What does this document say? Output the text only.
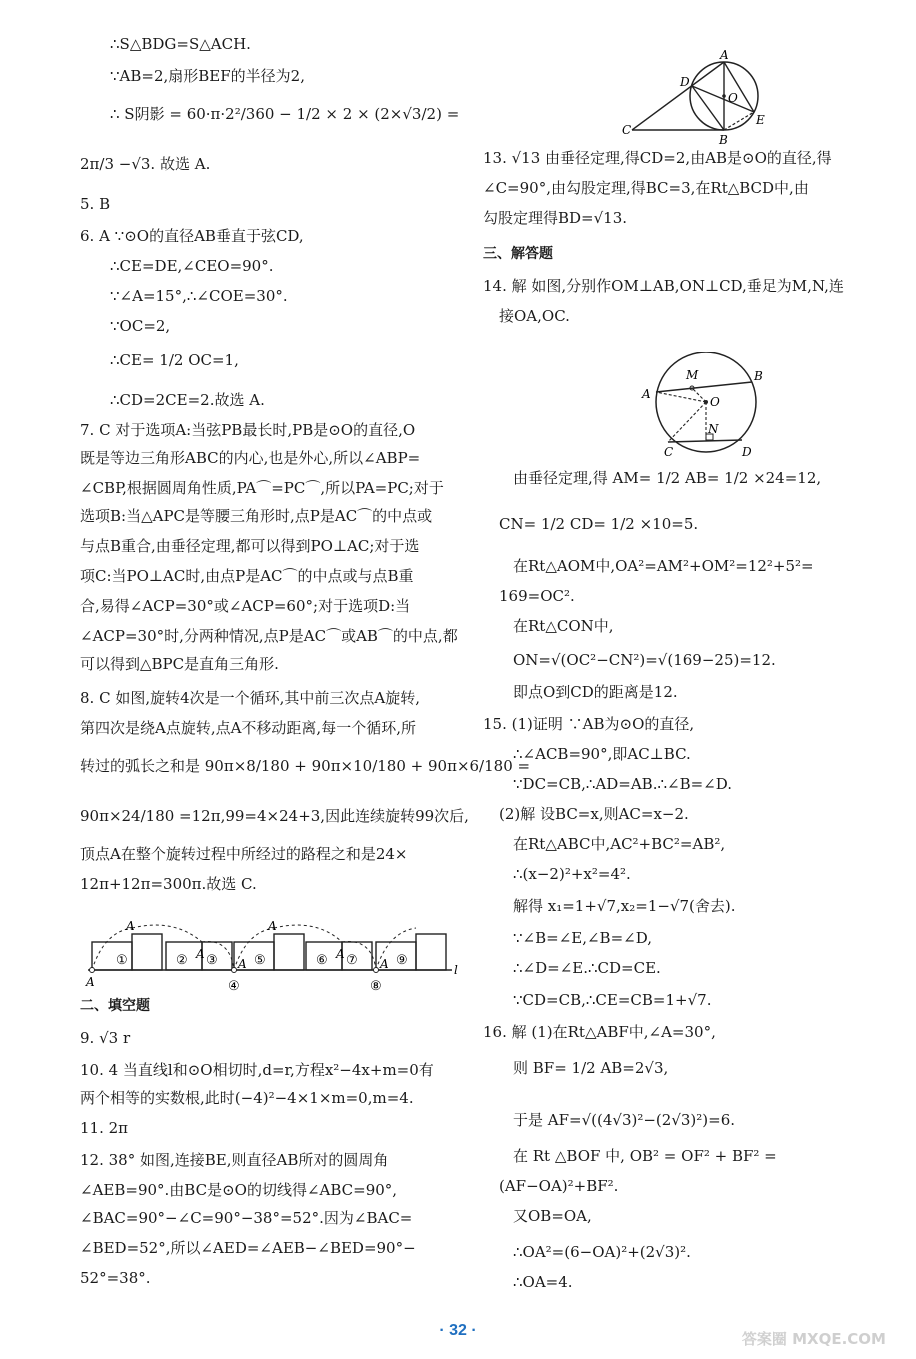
∴S△BDG=S△ACH.
∵AB=2,扇形BEF的半径为2,
∴ S阴影 = 60·π·2²/360 − 1/2 × 2 × (2×√3/2) =
2π/3 −√3. 故选 A.
5. B
6. A ∵⊙O的直径AB垂直于弦CD,
∴CE=DE,∠CEO=90°.
∵∠A=15°,∴∠COE=30°.
∵OC=2,
∴CE= 1/2 OC=1,
∴CD=2CE=2.故选 A.
7. C 对于选项A:当弦PB最长时,PB是⊙O的直径,O
既是等边三角形ABC的内心,也是外心,所以∠ABP=
∠CBP,根据圆周角性质,PA⌒=PC⌒,所以PA=PC;对于
选项B:当△APC是等腰三角形时,点P是AC⌒的中点或
与点B重合,由垂径定理,都可以得到PO⊥AC;对于选
项C:当PO⊥AC时,由点P是AC⌒的中点或与点B重
合,易得∠ACP=30°或∠ACP=60°;对于选项D:当
∠ACP=30°时,分两种情况,点P是AC⌒或AB⌒的中点,都
可以得到△BPC是直角三角形.
8. C 如图,旋转4次是一个循环,其中前三次点A旋转,
第四次是绕A点旋转,点A不移动距离,每一个循环,所
转过的弧长之和是 90π×8/180 + 90π×10/180 + 90π×6/180 =
90π×24/180 =12π,99=4×24+3,因此连续旋转99次后,
顶点A在整个旋转过程中所经过的路程之和是24×
12π+12π=300π.故选 C.
二、填空题
9. √3 r
10. 4 当直线l和⊙O相切时,d=r,方程x²−4x+m=0有
两个相等的实数根,此时(−4)²−4×1×m=0,m=4.
11. 2π
12. 38° 如图,连接BE,则直径AB所对的圆周角
∠AEB=90°.由BC是⊙O的切线得∠ABC=90°,
∠BAC=90°−∠C=90°−38°=52°.因为∠BAC=
∠BED=52°,所以∠AED=∠AEB−∠BED=90°−
52°=38°.
13. √13 由垂径定理,得CD=2,由AB是⊙O的直径,得
∠C=90°,由勾股定理,得BC=3,在Rt△BCD中,由
勾股定理得BD=√13.
三、解答题
14. 解 如图,分别作OM⊥AB,ON⊥CD,垂足为M,N,连
接OA,OC.
由垂径定理,得 AM= 1/2 AB= 1/2 ×24=12,
CN= 1/2 CD= 1/2 ×10=5.
在Rt△AOM中,OA²=AM²+OM²=12²+5²=
169=OC².
在Rt△CON中,
ON=√(OC²−CN²)=√(169−25)=12.
即点O到CD的距离是12.
15. (1)证明 ∵AB为⊙O的直径,
∴∠ACB=90°,即AC⊥BC.
∵DC=CB,∴AD=AB.∴∠B=∠D.
(2)解 设BC=x,则AC=x−2.
在Rt△ABC中,AC²+BC²=AB²,
∴(x−2)²+x²=4².
解得 x₁=1+√7,x₂=1−√7(舍去).
∵∠B=∠E,∠B=∠D,
∴∠D=∠E.∴CD=CE.
∵CD=CB,∴CE=CB=1+√7.
16. 解 (1)在Rt△ABF中,∠A=30°,
则 BF= 1/2 AB=2√3,
于是 AF=√((4√3)²−(2√3)²)=6.
在 Rt △BOF 中, OB² = OF² + BF² =
(AF−OA)²+BF².
又OB=OA,
∴OA²=(6−OA)²+(2√3)².
∴OA=4.
A
D
O
E
B
C
M	B
A
O
N
C	D
A
A
A
A
A
A
A
①	② ③
④
⑤	⑥ ⑦
⑧
⑨
l
· 32 ·	答案圈 MXQE.COM
